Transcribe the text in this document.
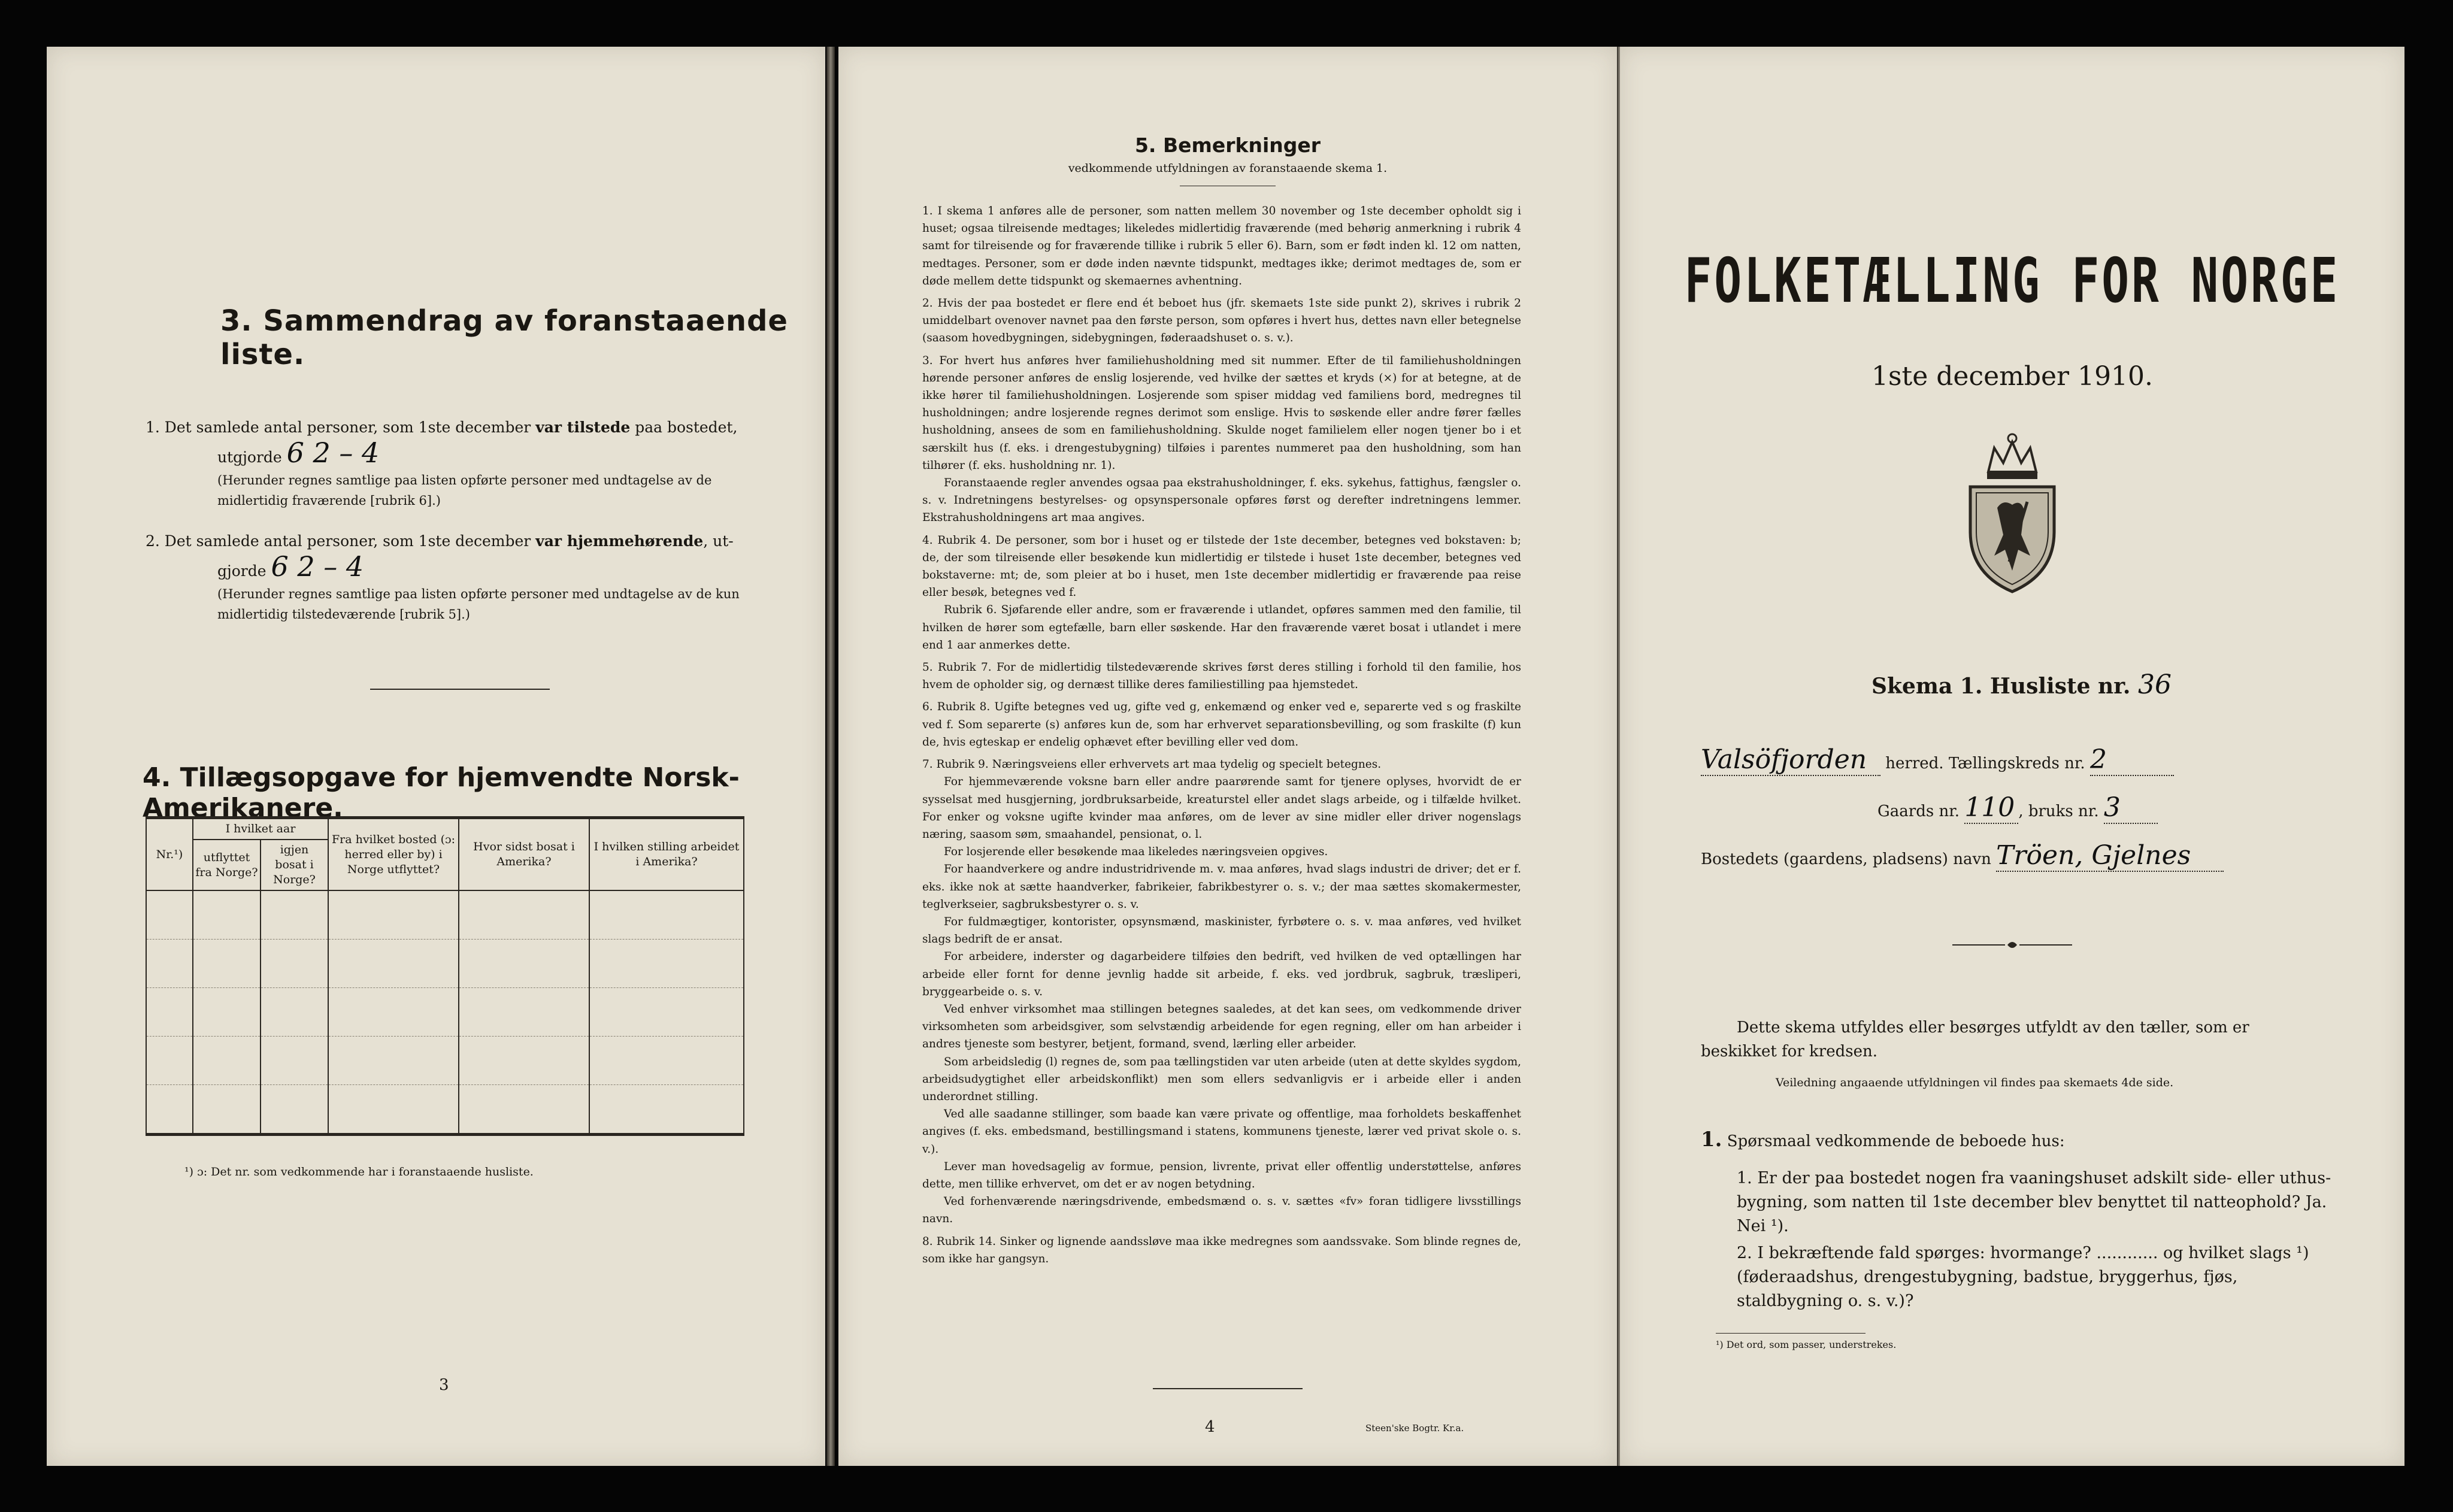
3. Sammendrag av foranstaaende liste.
1. Det samlede antal personer, som 1ste december var tilstede paa bostedet,
utgjorde 6 2 – 4
(Herunder regnes samtlige paa listen opførte personer med undtagelse av de midlertidig fraværende [rubrik 6].)
2. Det samlede antal personer, som 1ste december var hjemmehørende, ut-
gjorde 6 2 – 4
(Herunder regnes samtlige paa listen opførte personer med undtagelse av de kun midlertidig tilstedeværende [rubrik 5].)
4. Tillægsopgave for hjemvendte Norsk-Amerikanere.
Nr.¹)	I hvilket aar		Fra hvilket bosted (ɔ: herred eller by) i Norge utflyttet?	Hvor sidst bosat i Amerika?	I hvilken stilling arbeidet i Amerika?
	utflyttet fra Norge?	igjen bosat i Norge?			

¹) ɔ: Det nr. som vedkommende har i foranstaaende husliste.
3
5. Bemerkninger
vedkommende utfyldningen av foranstaaende skema 1.

1. I skema 1 anføres alle de personer, som natten mellem 30 november og 1ste december opholdt sig i huset; ogsaa tilreisende medtages; likeledes midlertidig fraværende (med behørig anmerkning i rubrik 4 samt for tilreisende og for fraværende tillike i rubrik 5 eller 6). Barn, som er født inden kl. 12 om natten, medtages. Personer, som er døde inden nævnte tidspunkt, medtages ikke; derimot medtages de, som er døde mellem dette tidspunkt og skemaernes avhentning.

2. Hvis der paa bostedet er flere end ét beboet hus (jfr. skemaets 1ste side punkt 2), skrives i rubrik 2 umiddelbart ovenover navnet paa den første person, som opføres i hvert hus, dettes navn eller betegnelse (saasom hovedbygningen, sidebygningen, føderaadshuset o. s. v.).

3. For hvert hus anføres hver familiehusholdning med sit nummer. Efter de til familiehusholdningen hørende personer anføres de enslig losjerende, ved hvilke der sættes et kryds (×) for at betegne, at de ikke hører til familiehusholdningen. Losjerende som spiser middag ved familiens bord, medregnes til husholdningen; andre losjerende regnes derimot som enslige. Hvis to søskende eller andre fører fælles husholdning, ansees de som en familiehusholdning. Skulde noget familielem eller nogen tjener bo i et særskilt hus (f. eks. i drengestubygning) tilføies i parentes nummeret paa den husholdning, som han tilhører (f. eks. husholdning nr. 1).

Foranstaaende regler anvendes ogsaa paa ekstrahusholdninger, f. eks. sykehus, fattighus, fængsler o. s. v. Indretningens bestyrelses- og opsynspersonale opføres først og derefter indretningens lemmer. Ekstrahusholdningens art maa angives.

4. Rubrik 4. De personer, som bor i huset og er tilstede der 1ste december, betegnes ved bokstaven: b; de, der som tilreisende eller besøkende kun midlertidig er tilstede i huset 1ste december, betegnes ved bokstaverne: mt; de, som pleier at bo i huset, men 1ste december midlertidig er fraværende paa reise eller besøk, betegnes ved f.

Rubrik 6. Sjøfarende eller andre, som er fraværende i utlandet, opføres sammen med den familie, til hvilken de hører som egtefælle, barn eller søskende. Har den fraværende været bosat i utlandet i mere end 1 aar anmerkes dette.

5. Rubrik 7. For de midlertidig tilstedeværende skrives først deres stilling i forhold til den familie, hos hvem de opholder sig, og dernæst tillike deres familiestilling paa hjemstedet.

6. Rubrik 8. Ugifte betegnes ved ug, gifte ved g, enkemænd og enker ved e, separerte ved s og fraskilte ved f. Som separerte (s) anføres kun de, som har erhvervet separationsbevilling, og som fraskilte (f) kun de, hvis egteskap er endelig ophævet efter bevilling eller ved dom.

7. Rubrik 9. Næringsveiens eller erhvervets art maa tydelig og specielt betegnes.

For hjemmeværende voksne barn eller andre paarørende samt for tjenere oplyses, hvorvidt de er sysselsat med husgjerning, jordbruksarbeide, kreaturstel eller andet slags arbeide, og i tilfælde hvilket. For enker og voksne ugifte kvinder maa anføres, om de lever av sine midler eller driver nogenslags næring, saasom søm, smaahandel, pensionat, o. l.

For losjerende eller besøkende maa likeledes næringsveien opgives.

For haandverkere og andre industridrivende m. v. maa anføres, hvad slags industri de driver; det er f. eks. ikke nok at sætte haandverker, fabrikeier, fabrikbestyrer o. s. v.; der maa sættes skomakermester, teglverkseier, sagbruksbestyrer o. s. v.

For fuldmægtiger, kontorister, opsynsmænd, maskinister, fyrbøtere o. s. v. maa anføres, ved hvilket slags bedrift de er ansat.

For arbeidere, inderster og dagarbeidere tilføies den bedrift, ved hvilken de ved optællingen har arbeide eller fornt for denne jevnlig hadde sit arbeide, f. eks. ved jordbruk, sagbruk, træsliperi, bryggearbeide o. s. v.

Ved enhver virksomhet maa stillingen betegnes saaledes, at det kan sees, om vedkommende driver virksomheten som arbeidsgiver, som selvstændig arbeidende for egen regning, eller om han arbeider i andres tjeneste som bestyrer, betjent, formand, svend, lærling eller arbeider.

Som arbeidsledig (l) regnes de, som paa tællingstiden var uten arbeide (uten at dette skyldes sygdom, arbeidsudygtighet eller arbeidskonflikt) men som ellers sedvanligvis er i arbeide eller i anden underordnet stilling.

Ved alle saadanne stillinger, som baade kan være private og offentlige, maa forholdets beskaffenhet angives (f. eks. embedsmand, bestillingsmand i statens, kommunens tjeneste, lærer ved privat skole o. s. v.).

Lever man hovedsagelig av formue, pension, livrente, privat eller offentlig understøttelse, anføres dette, men tillike erhvervet, om det er av nogen betydning.

Ved forhenværende næringsdrivende, embedsmænd o. s. v. sættes «fv» foran tidligere livsstillings navn.

8. Rubrik 14. Sinker og lignende aandssløve maa ikke medregnes som aandssvake. Som blinde regnes de, som ikke har gangsyn.

4	Steen'ske Bogtr. Kr.a.
FOLKETÆLLING FOR NORGE
1ste december 1910.
Skema 1. Husliste nr. 36
Valsöfjorden herred. Tællingskreds nr. 2
Gaards nr. 110 , bruks nr. 3
Bostedets (gaardens, pladsens) navn Tröen, Gjelnes
Dette skema utfyldes eller besørges utfyldt av den tæller, som er beskikket for kredsen.
Veiledning angaaende utfyldningen vil findes paa skemaets 4de side.
1. Spørsmaal vedkommende de beboede hus:
1. Er der paa bostedet nogen fra vaaningshuset adskilt side- eller uthus-bygning, som natten til 1ste december blev benyttet til natteophold? Ja. Nei ¹).
2. I bekræftende fald spørges: hvormange? ............ og hvilket slags ¹) (føderaadshus, drengestubygning, badstue, bryggerhus, fjøs, staldbygning o. s. v.)?
¹) Det ord, som passer, understrekes.
